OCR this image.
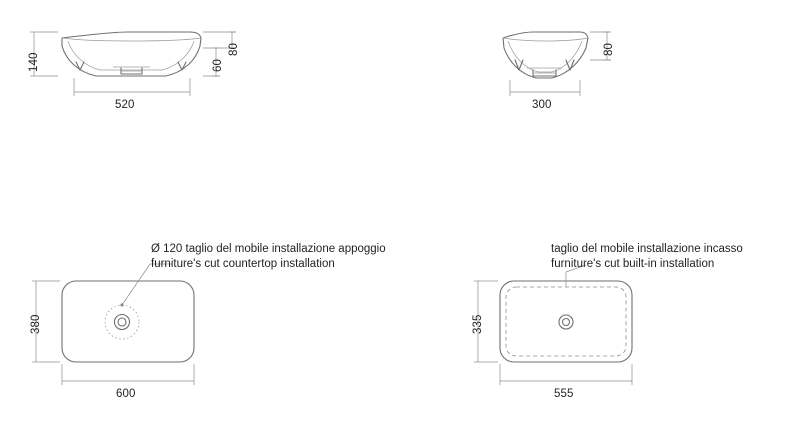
140	60
80
520
80
300
380
600
Ø 120 taglio del mobile installazione appoggio
furniture's cut countertop installation
335
555
taglio del mobile installazione incasso
furniture's cut built-in installation
